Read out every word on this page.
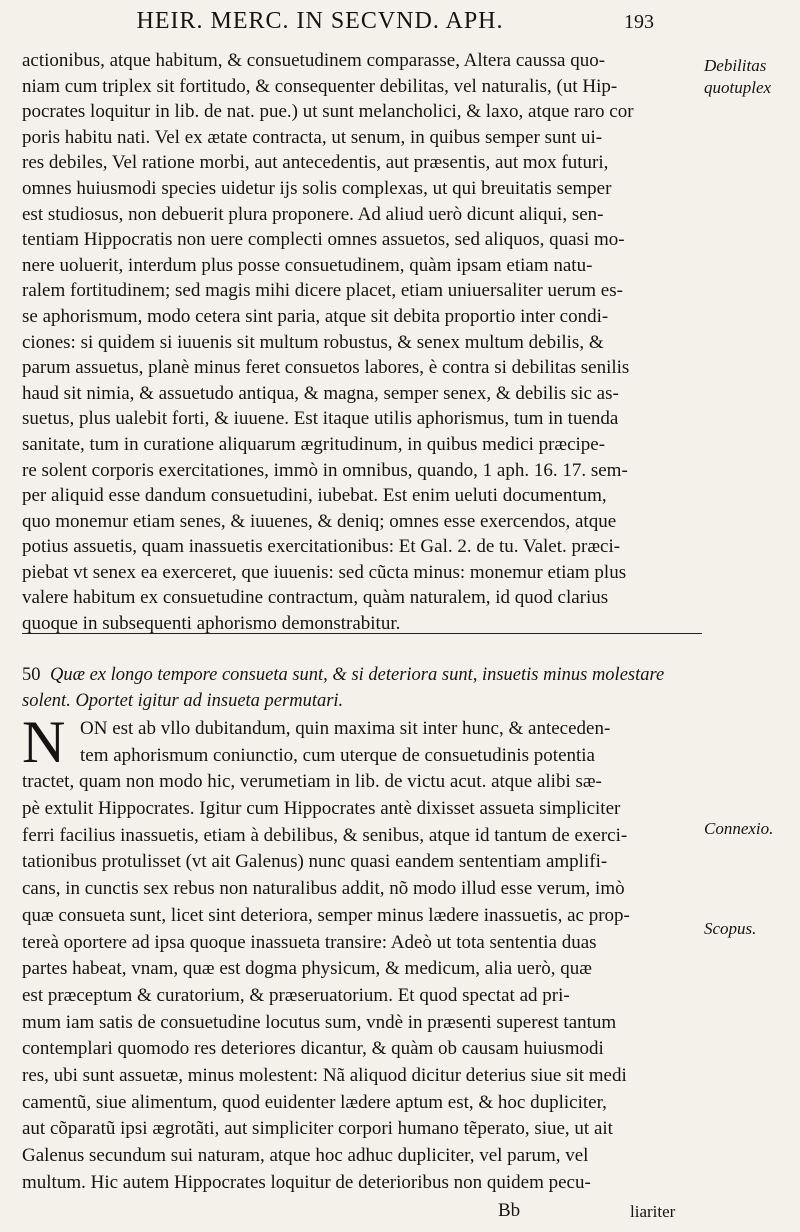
HEIR. MERC. IN SECVND. APH.	193
actionibus, atque habitum, & consuetudinem comparasse, Altera caussa quo-
niam cum triplex sit fortitudo, & consequenter debilitas, vel naturalis, (ut Hip-
pocrates loquitur in lib. de nat. pue.) ut sunt melancholici, & laxo, atque raro cor
poris habitu nati. Vel ex ætate contracta, ut senum, in quibus semper sunt ui-
res debiles, Vel ratione morbi, aut antecedentis, aut præsentis, aut mox futuri,
omnes huiusmodi species uidetur ijs solis complexas, ut qui breuitatis semper
est studiosus, non debuerit plura proponere. Ad aliud uerò dicunt aliqui, sen-
tentiam Hippocratis non uere complecti omnes assuetos, sed aliquos, quasi mo-
nere uoluerit, interdum plus posse consuetudinem, quàm ipsam etiam natu-
ralem fortitudinem; sed magis mihi dicere placet, etiam uniuersaliter uerum es-
se aphorismum, modo cetera sint paria, atque sit debita proportio inter condi-
ciones: si quidem si iuuenis sit multum robustus, & senex multum debilis, &
parum assuetus, planè minus feret consuetos labores, è contra si debilitas senilis
haud sit nimia, & assuetudo antiqua, & magna, semper senex, & debilis sic as-
suetus, plus ualebit forti, & iuuene. Est itaque utilis aphorismus, tum in tuenda
sanitate, tum in curatione aliquarum ægritudinum, in quibus medici præcipe-
re solent corporis exercitationes, immò in omnibus, quando, 1 aph. 16. 17. sem-
per aliquid esse dandum consuetudini, iubebat. Est enim ueluti documentum,
quo monemur etiam senes, & iuuenes, & deniq; omnes esse exercendos, atque
potius assuetis, quam inassuetis exercitationibus: Et Gal. 2. de tu. Valet. præci-
piebat vt senex ea exerceret, que iuuenis: sed cũcta minus: monemur etiam plus
valere habitum ex consuetudine contractum, quàm naturalem, id quod clarius
quoque in subsequenti aphorismo demonstrabitur.
50 Quæ ex longo tempore consueta sunt, & si deteriora sunt, insuetis minus molestare
solent. Oportet igitur ad insueta permutari.
N ON est ab vllo dubitandum, quin maxima sit inter hunc, & anteceden-
tem aphorismum coniunctio, cum uterque de consuetudinis potentia
tractet, quam non modo hic, verumetiam in lib. de victu acut. atque alibi sæ-
pè extulit Hippocrates. Igitur cum Hippocrates antè dixisset assueta simpliciter
ferri facilius inassuetis, etiam à debilibus, & senibus, atque id tantum de exerci-
tationibus protulisset (vt ait Galenus) nunc quasi eandem sententiam amplifi-
cans, in cunctis sex rebus non naturalibus addit, nõ modo illud esse verum, imò
quæ consueta sunt, licet sint deteriora, semper minus lædere inassuetis, ac prop-
tereà oportere ad ipsa quoque inassueta transire: Adeò ut tota sententia duas
partes habeat, vnam, quæ est dogma physicum, & medicum, alia uerò, quæ
est præceptum & curatorium, & præseruatorium. Et quod spectat ad pri-
mum iam satis de consuetudine locutus sum, vndè in præsenti superest tantum
contemplari quomodo res deteriores dicantur, & quàm ob causam huiusmodi
res, ubi sunt assuetæ, minus molestent: Nã aliquod dicitur deterius siue sit medi
camentũ, siue alimentum, quod euidenter lædere aptum est, & hoc dupliciter,
aut cõparatũ ipsi ægrotãti, aut simpliciter corpori humano tẽperato, siue, ut ait
Galenus secundum sui naturam, atque hoc adhuc dupliciter, vel parum, vel
multum. Hic autem Hippocrates loquitur de deterioribus non quidem pecu-
Debilitas quotuplex
Connexio.
Scopus.
Bb	liariter
